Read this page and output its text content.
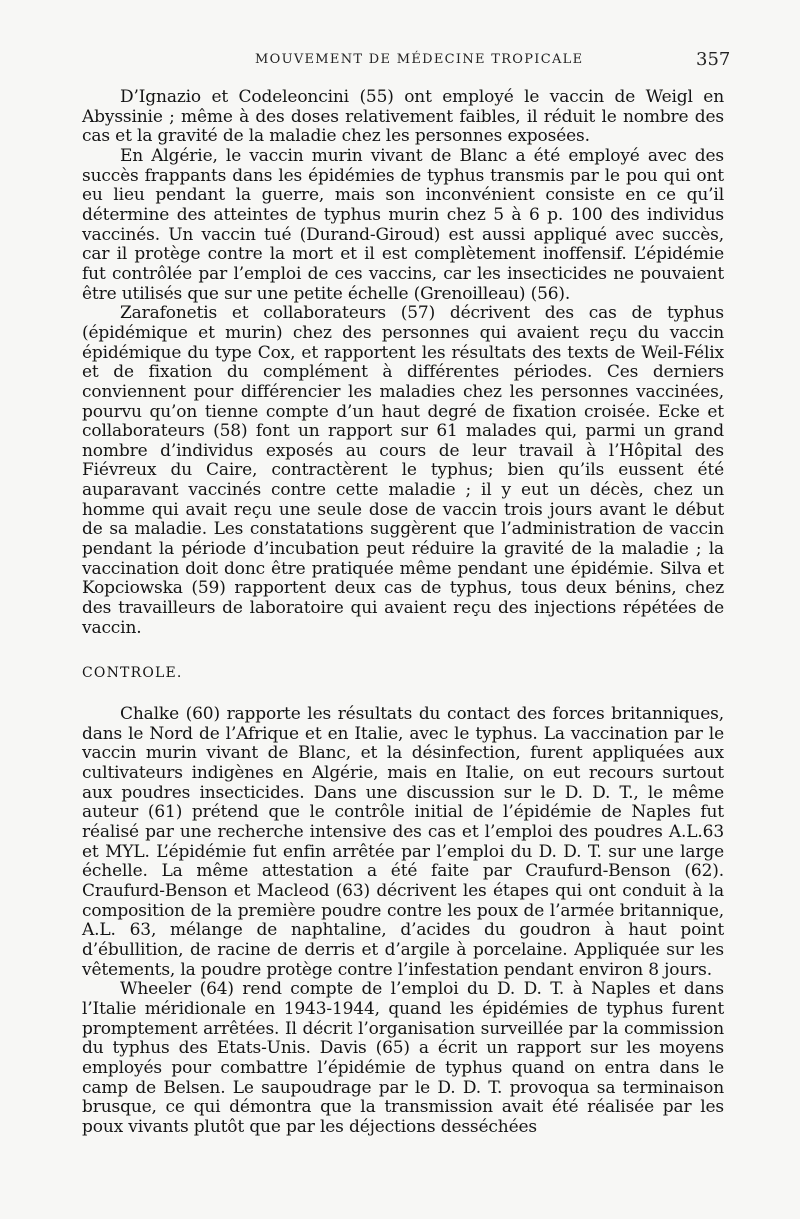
MOUVEMENT DE MÉDECINE TROPICALE	357

D’Ignazio et Codeleoncini (55) ont employé le vaccin de Weigl en Abyssinie ; même à des doses relativement faibles, il réduit le nombre des cas et la gravité de la maladie chez les personnes exposées.

En Algérie, le vaccin murin vivant de Blanc a été employé avec des succès frappants dans les épidémies de typhus transmis par le pou qui ont eu lieu pendant la guerre, mais son inconvénient consiste en ce qu’il détermine des atteintes de typhus murin chez 5 à 6 p. 100 des individus vaccinés. Un vaccin tué (Durand-Giroud) est aussi appliqué avec succès, car il protège contre la mort et il est complètement inoffensif. L’épidémie fut contrôlée par l’emploi de ces vaccins, car les insecticides ne pouvaient être utilisés que sur une petite échelle (Grenoilleau) (56).

Zarafonetis et collaborateurs (57) décrivent des cas de typhus (épidémique et murin) chez des personnes qui avaient reçu du vaccin épidémique du type Cox, et rapportent les résultats des texts de Weil-Félix et de fixation du complément à différentes périodes. Ces derniers conviennent pour différencier les maladies chez les personnes vaccinées, pourvu qu’on tienne compte d’un haut degré de fixation croisée. Ecke et collaborateurs (58) font un rapport sur 61 malades qui, parmi un grand nombre d’individus exposés au cours de leur travail à l’Hôpital des Fiévreux du Caire, contractèrent le typhus; bien qu’ils eussent été auparavant vaccinés contre cette maladie ; il y eut un décès, chez un homme qui avait reçu une seule dose de vaccin trois jours avant le début de sa maladie. Les constatations suggèrent que l’administration de vaccin pendant la période d’incubation peut réduire la gravité de la maladie ; la vaccination doit donc être pratiquée même pendant une épidémie. Silva et Kopciowska (59) rapportent deux cas de typhus, tous deux bénins, chez des travailleurs de laboratoire qui avaient reçu des injections répétées de vaccin.

CONTROLE.

Chalke (60) rapporte les résultats du contact des forces britanniques, dans le Nord de l’Afrique et en Italie, avec le typhus. La vaccination par le vaccin murin vivant de Blanc, et la désinfection, furent appliquées aux cultivateurs indigènes en Algérie, mais en Italie, on eut recours surtout aux poudres insecticides. Dans une discussion sur le D. D. T., le même auteur (61) prétend que le contrôle initial de l’épidémie de Naples fut réalisé par une recherche intensive des cas et l’emploi des poudres A.L.63 et MYL. L’épidémie fut enfin arrêtée par l’emploi du D. D. T. sur une large échelle. La même attestation a été faite par Craufurd-Benson (62). Craufurd-Benson et Macleod (63) décrivent les étapes qui ont conduit à la composition de la première poudre contre les poux de l’armée britannique, A.L. 63, mélange de naphtaline, d’acides du goudron à haut point d’ébullition, de racine de derris et d’argile à porcelaine. Appliquée sur les vêtements, la poudre protège contre l’infestation pendant environ 8 jours.

Wheeler (64) rend compte de l’emploi du D. D. T. à Naples et dans l’Italie méridionale en 1943-1944, quand les épidémies de typhus furent promptement arrêtées. Il décrit l’organisation surveillée par la commission du typhus des Etats-Unis. Davis (65) a écrit un rapport sur les moyens employés pour combattre l’épidémie de typhus quand on entra dans le camp de Belsen. Le saupoudrage par le D. D. T. provoqua sa terminaison brusque, ce qui démontra que la transmission avait été réalisée par les poux vivants plutôt que par les déjections desséchées
